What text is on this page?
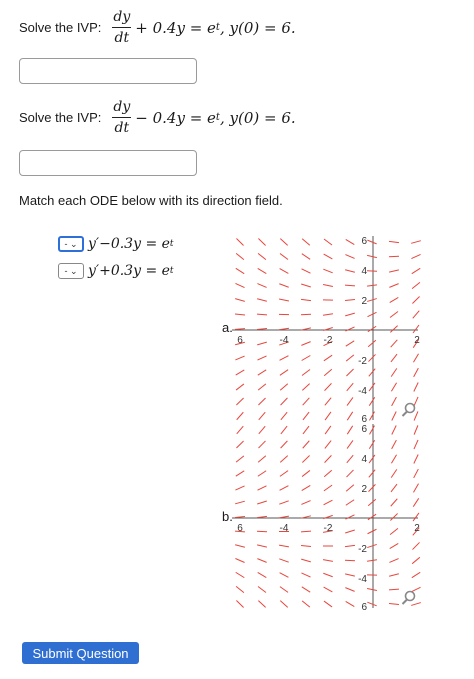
Solve the IVP: $\frac{dy}{dt} + 0.4y = e$ t , y(0) = 6.
Solve the IVP: $\frac{dy}{dt} - 0.4y = e$ t , y(0) = 6.
Match each ODE below with its direction field.
-
⌄ y′−0.3y = e t
-
⌄ y′+0.3y = e t
a.
6	-4	-2	2
6
4
2
-2
-4
6
b.
6	-4	-2	2
6
4
2
-2
-4
6
Submit Question
